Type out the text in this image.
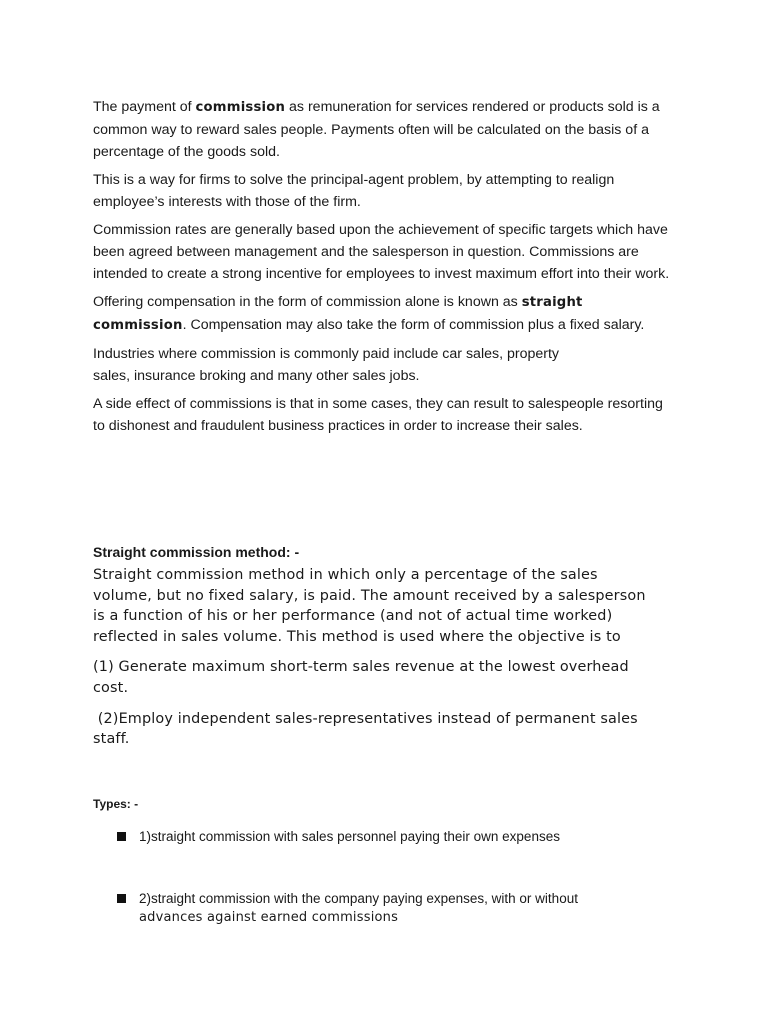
The payment of commission as remuneration for services rendered or products sold is a common way to reward sales people. Payments often will be calculated on the basis of a percentage of the goods sold.

This is a way for firms to solve the principal-agent problem, by attempting to realign employee’s interests with those of the firm.

Commission rates are generally based upon the achievement of specific targets which have been agreed between management and the salesperson in question. Commissions are intended to create a strong incentive for employees to invest maximum effort into their work.

Offering compensation in the form of commission alone is known as straight commission. Compensation may also take the form of commission plus a fixed salary.

Industries where commission is commonly paid include car sales, property
sales, insurance broking and many other sales jobs.

A side effect of commissions is that in some cases, they can result to salespeople resorting to dishonest and fraudulent business practices in order to increase their sales.

Straight commission method: -

Straight commission method in which only a percentage of the sales volume, but no fixed salary, is paid. The amount received by a salesperson is a function of his or her performance (and not of actual time worked) reflected in sales volume. This method is used where the objective is to

(1) Generate maximum short-term sales revenue at the lowest overhead cost.

(2)Employ independent sales-representatives instead of permanent sales staff.

Types: -

1)straight commission with sales personnel paying their own expenses
2)straight commission with the company paying expenses, with or without
advances against earned commissions
